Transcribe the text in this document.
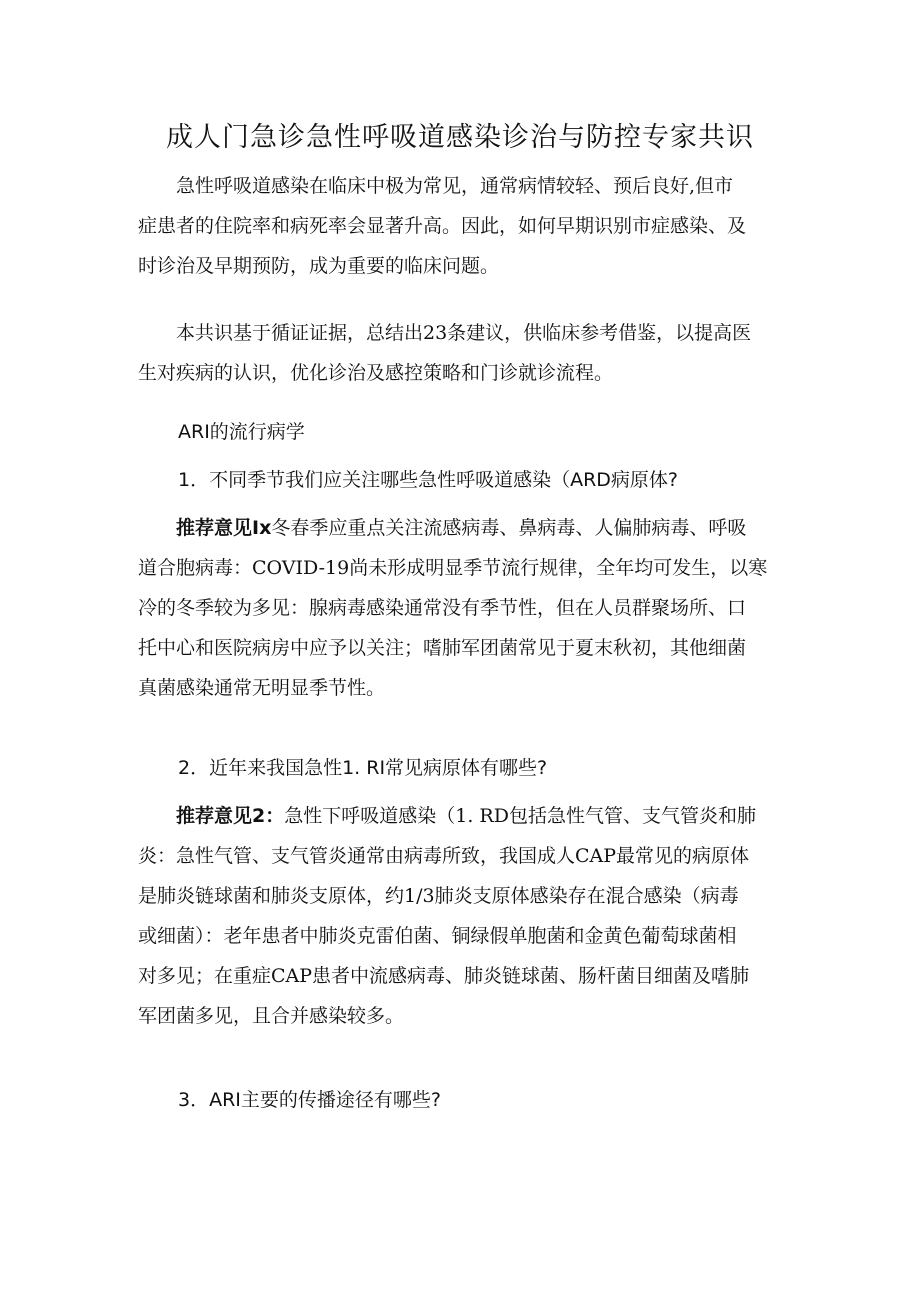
成人门急诊急性呼吸道感染诊治与防控专家共识

急性呼吸道感染在临床中极为常见，通常病情较轻、预后良好,但市
症患者的住院率和病死率会显著升高。因此，如何早期识别市症感染、及
时诊治及早期预防，成为重要的临床问题。

本共识基于循证证据，总结出23条建议，供临床参考借鉴，以提高医
生对疾病的认识，优化诊治及感控策略和门诊就诊流程。

ARI的流行病学
1．不同季节我们应关注哪些急性呼吸道感染（ARD病原体?

推荐意见Ix冬春季应重点关注流感病毒、鼻病毒、人偏肺病毒、呼吸
道合胞病毒：COVID-19尚未形成明显季节流行规律，全年均可发生，以寒
冷的冬季较为多见：腺病毒感染通常没有季节性，但在人员群聚场所、口
托中心和医院病房中应予以关注；嗜肺军团菌常见于夏末秋初，其他细菌
真菌感染通常无明显季节性。

2．近年来我国急性1. RI常见病原体有哪些?

推荐意见2：急性下呼吸道感染（1. RD包括急性气管、支气管炎和肺
炎：急性气管、支气管炎通常由病毒所致，我国成人CAP最常见的病原体
是肺炎链球菌和肺炎支原体，约1/3肺炎支原体感染存在混合感染（病毒
或细菌）：老年患者中肺炎克雷伯菌、铜绿假单胞菌和金黄色葡萄球菌相
对多见；在重症CAP患者中流感病毒、肺炎链球菌、肠杆菌目细菌及嗜肺
军团菌多见，且合并感染较多。

3．ARI主要的传播途径有哪些?
